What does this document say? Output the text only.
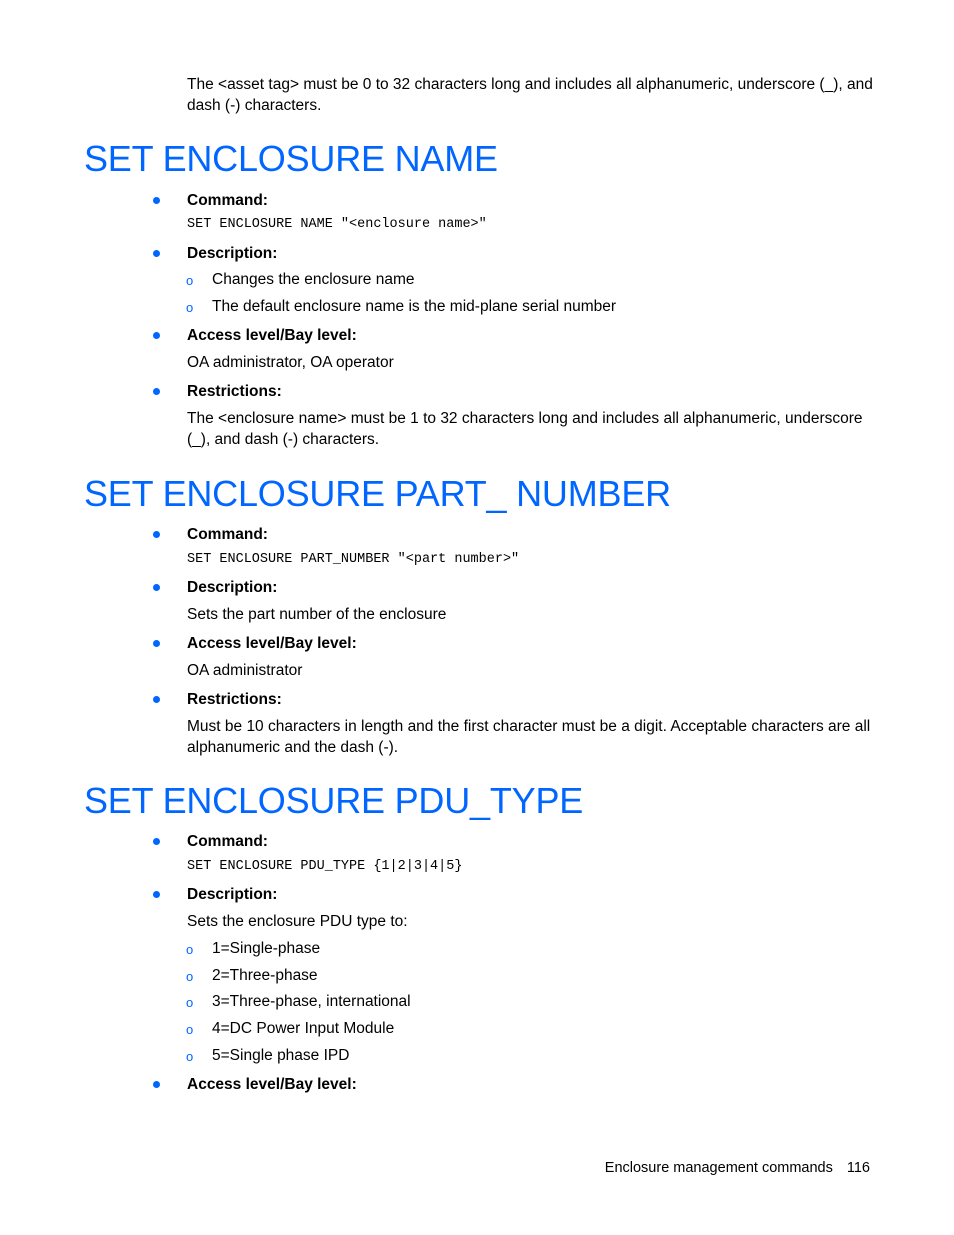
The <asset tag> must be 0 to 32 characters long and includes all alphanumeric, underscore (_), and dash (-) characters.
SET ENCLOSURE NAME
Command:
SET ENCLOSURE NAME "<enclosure name>"
Description:
o Changes the enclosure name
o The default enclosure name is the mid-plane serial number
Access level/Bay level:
OA administrator, OA operator
Restrictions:
The <enclosure name> must be 1 to 32 characters long and includes all alphanumeric, underscore (_), and dash (-) characters.
SET ENCLOSURE PART_ NUMBER
Command:
SET ENCLOSURE PART_NUMBER "<part number>"
Description:
Sets the part number of the enclosure
Access level/Bay level:
OA administrator
Restrictions:
Must be 10 characters in length and the first character must be a digit. Acceptable characters are all alphanumeric and the dash (-).
SET ENCLOSURE PDU_TYPE
Command:
SET ENCLOSURE PDU_TYPE {1|2|3|4|5}
Description:
Sets the enclosure PDU type to:
o 1=Single-phase
o 2=Three-phase
o 3=Three-phase, international
o 4=DC Power Input Module
o 5=Single phase IPD
Access level/Bay level:
Enclosure management commands 116
